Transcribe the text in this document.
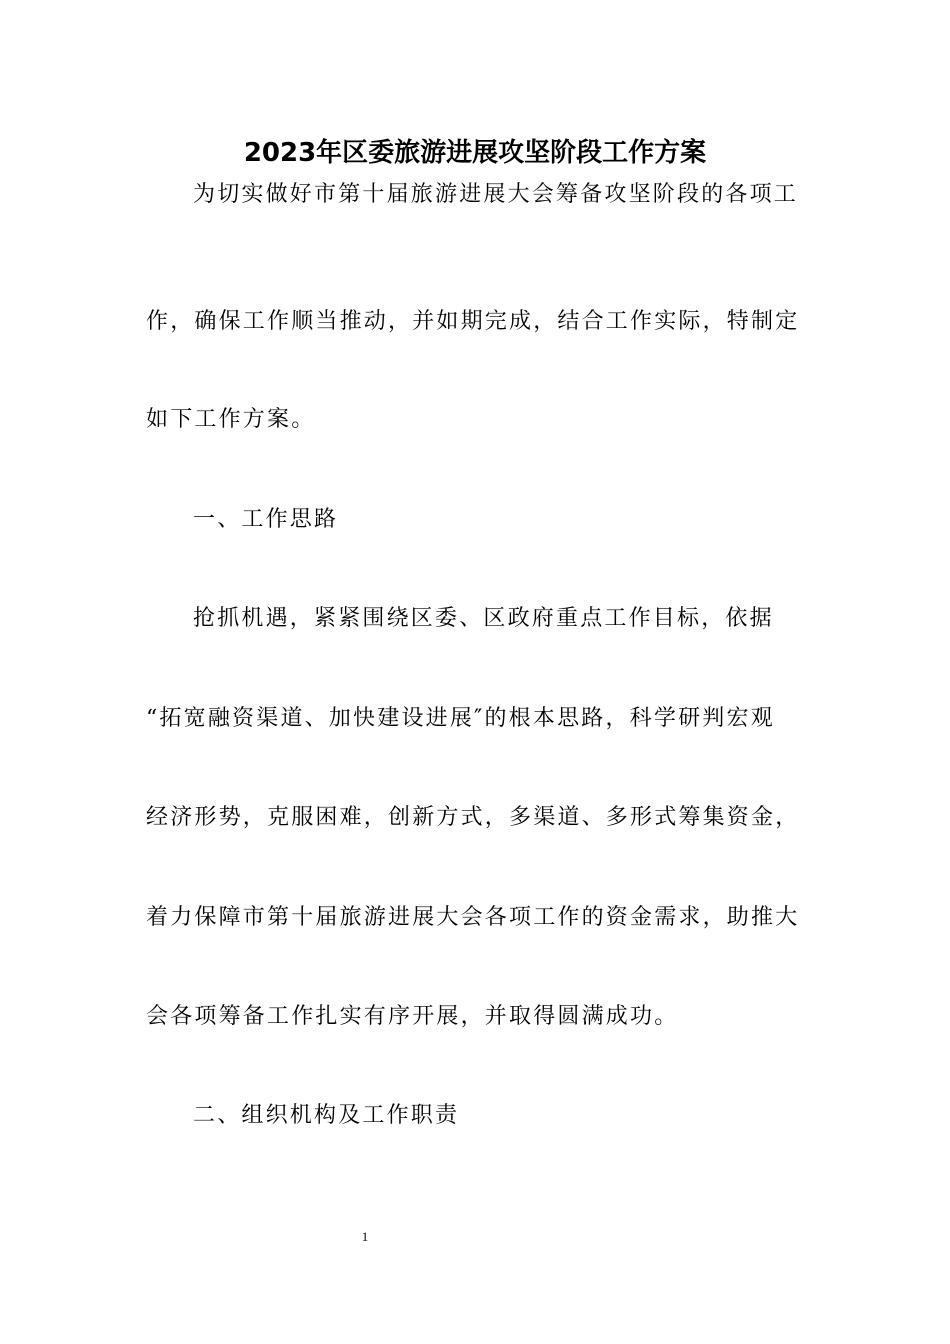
2023年区委旅游进展攻坚阶段工作方案
为切实做好市第十届旅游进展大会筹备攻坚阶段的各项工
作，确保工作顺当推动，并如期完成，结合工作实际，特制定
如下工作方案。
一、工作思路
抢抓机遇，紧紧围绕区委、区政府重点工作目标，依据
“拓宽融资渠道、加快建设进展″的根本思路，科学研判宏观
经济形势，克服困难，创新方式，多渠道、多形式筹集资金，
着力保障市第十届旅游进展大会各项工作的资金需求，助推大
会各项筹备工作扎实有序开展，并取得圆满成功。
二、组织机构及工作职责
1
